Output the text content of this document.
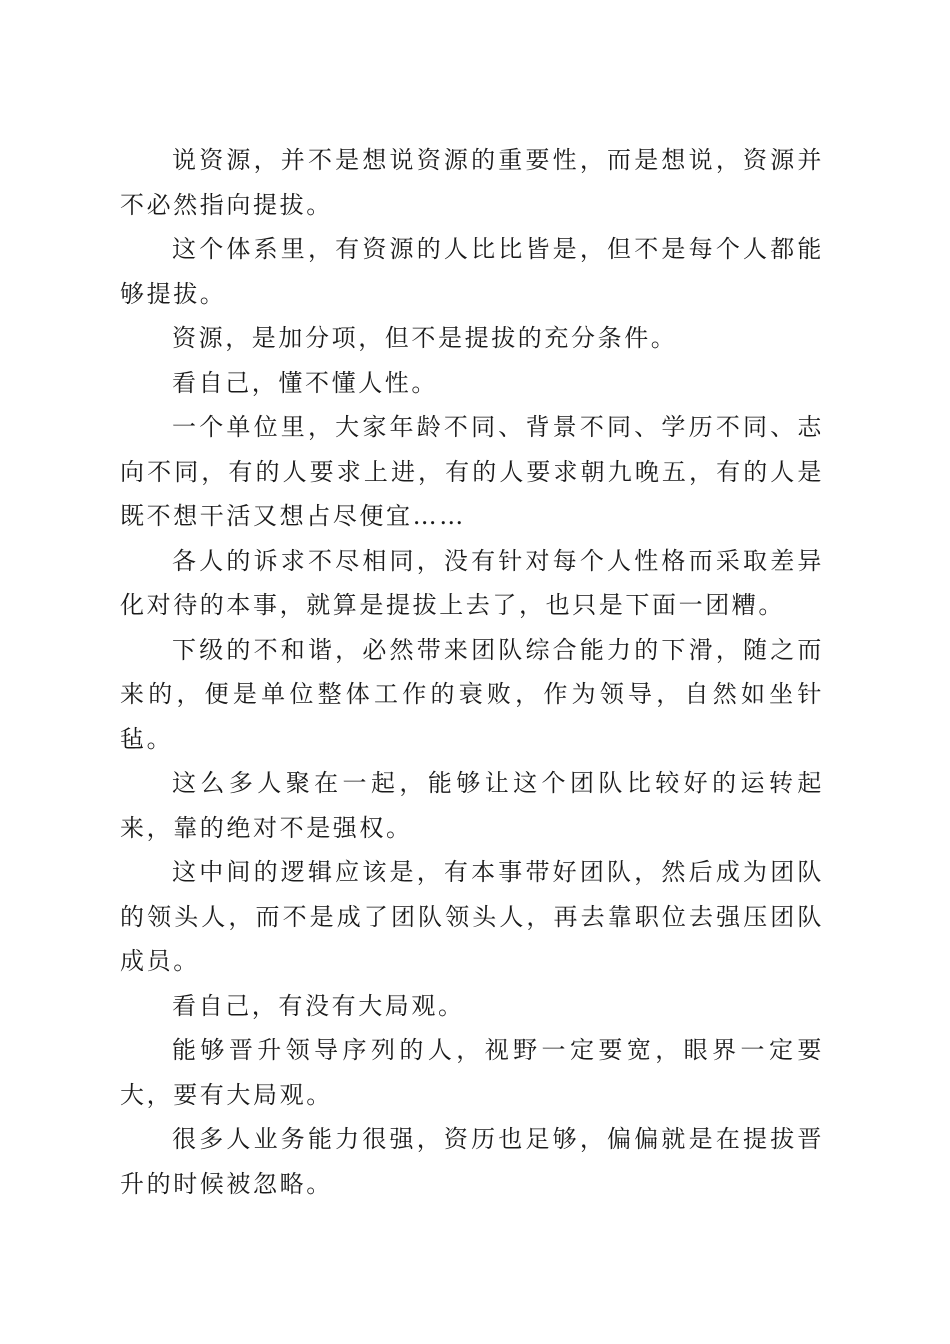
说资源，并不是想说资源的重要性，而是想说，资源并不必然指向提拔。

这个体系里，有资源的人比比皆是，但不是每个人都能够提拔。

资源，是加分项，但不是提拔的充分条件。

看自己，懂不懂人性。

一个单位里，大家年龄不同、背景不同、学历不同、志向不同，有的人要求上进，有的人要求朝九晚五，有的人是既不想干活又想占尽便宜……

各人的诉求不尽相同，没有针对每个人性格而采取差异化对待的本事，就算是提拔上去了，也只是下面一团糟。

下级的不和谐，必然带来团队综合能力的下滑，随之而来的，便是单位整体工作的衰败，作为领导，自然如坐针毡。

这么多人聚在一起，能够让这个团队比较好的运转起来，靠的绝对不是强权。

这中间的逻辑应该是，有本事带好团队，然后成为团队的领头人，而不是成了团队领头人，再去靠职位去强压团队成员。

看自己，有没有大局观。

能够晋升领导序列的人，视野一定要宽，眼界一定要大，要有大局观。

很多人业务能力很强，资历也足够，偏偏就是在提拔晋升的时候被忽略。
